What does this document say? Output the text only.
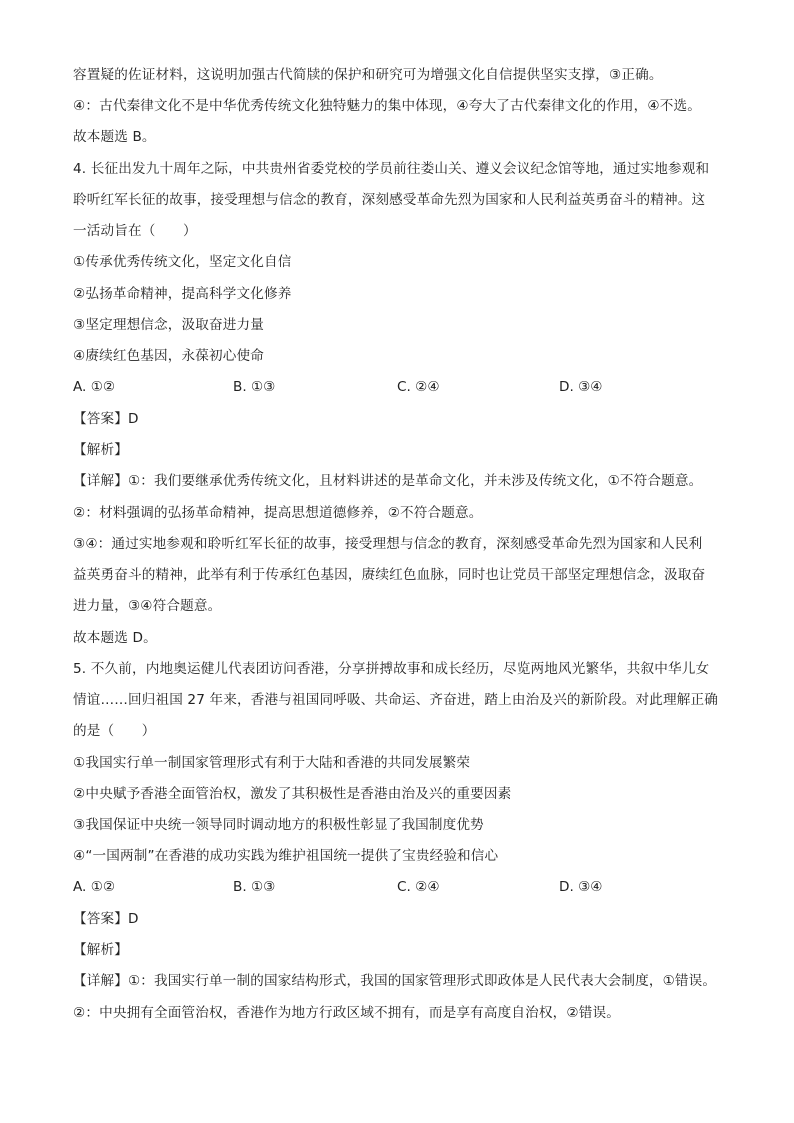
容置疑的佐证材料，这说明加强古代简牍的保护和研究可为增强文化自信提供坚实支撑，③正确。
④：古代秦律文化不是中华优秀传统文化独特魅力的集中体现，④夸大了古代秦律文化的作用，④不选。
故本题选 B。
4. 长征出发九十周年之际，中共贵州省委党校的学员前往娄山关、遵义会议纪念馆等地，通过实地参观和
聆听红军长征的故事，接受理想与信念的教育，深刻感受革命先烈为国家和人民利益英勇奋斗的精神。这
一活动旨在（　　）
①传承优秀传统文化，坚定文化自信
②弘扬革命精神，提高科学文化修养
③坚定理想信念，汲取奋进力量
④赓续红色基因，永葆初心使命
A. ①②	B. ①③	C. ②④	D. ③④
【答案】D
【解析】
【详解】①：我们要继承优秀传统文化，且材料讲述的是革命文化，并未涉及传统文化，①不符合题意。
②：材料强调的弘扬革命精神，提高思想道德修养，②不符合题意。
③④：通过实地参观和聆听红军长征的故事，接受理想与信念的教育，深刻感受革命先烈为国家和人民利
益英勇奋斗的精神，此举有利于传承红色基因，赓续红色血脉，同时也让党员干部坚定理想信念，汲取奋
进力量，③④符合题意。
故本题选 D。
5. 不久前，内地奥运健儿代表团访问香港，分享拼搏故事和成长经历，尽览两地风光繁华，共叙中华儿女
情谊……回归祖国 27 年来，香港与祖国同呼吸、共命运、齐奋进，踏上由治及兴的新阶段。对此理解正确
的是（　　）
①我国实行单一制国家管理形式有利于大陆和香港的共同发展繁荣
②中央赋予香港全面管治权，激发了其积极性是香港由治及兴的重要因素
③我国保证中央统一领导同时调动地方的积极性彰显了我国制度优势
④“一国两制”在香港的成功实践为维护祖国统一提供了宝贵经验和信心
A. ①②	B. ①③	C. ②④	D. ③④
【答案】D
【解析】
【详解】①：我国实行单一制的国家结构形式，我国的国家管理形式即政体是人民代表大会制度，①错误。
②：中央拥有全面管治权，香港作为地方行政区域不拥有，而是享有高度自治权，②错误。
